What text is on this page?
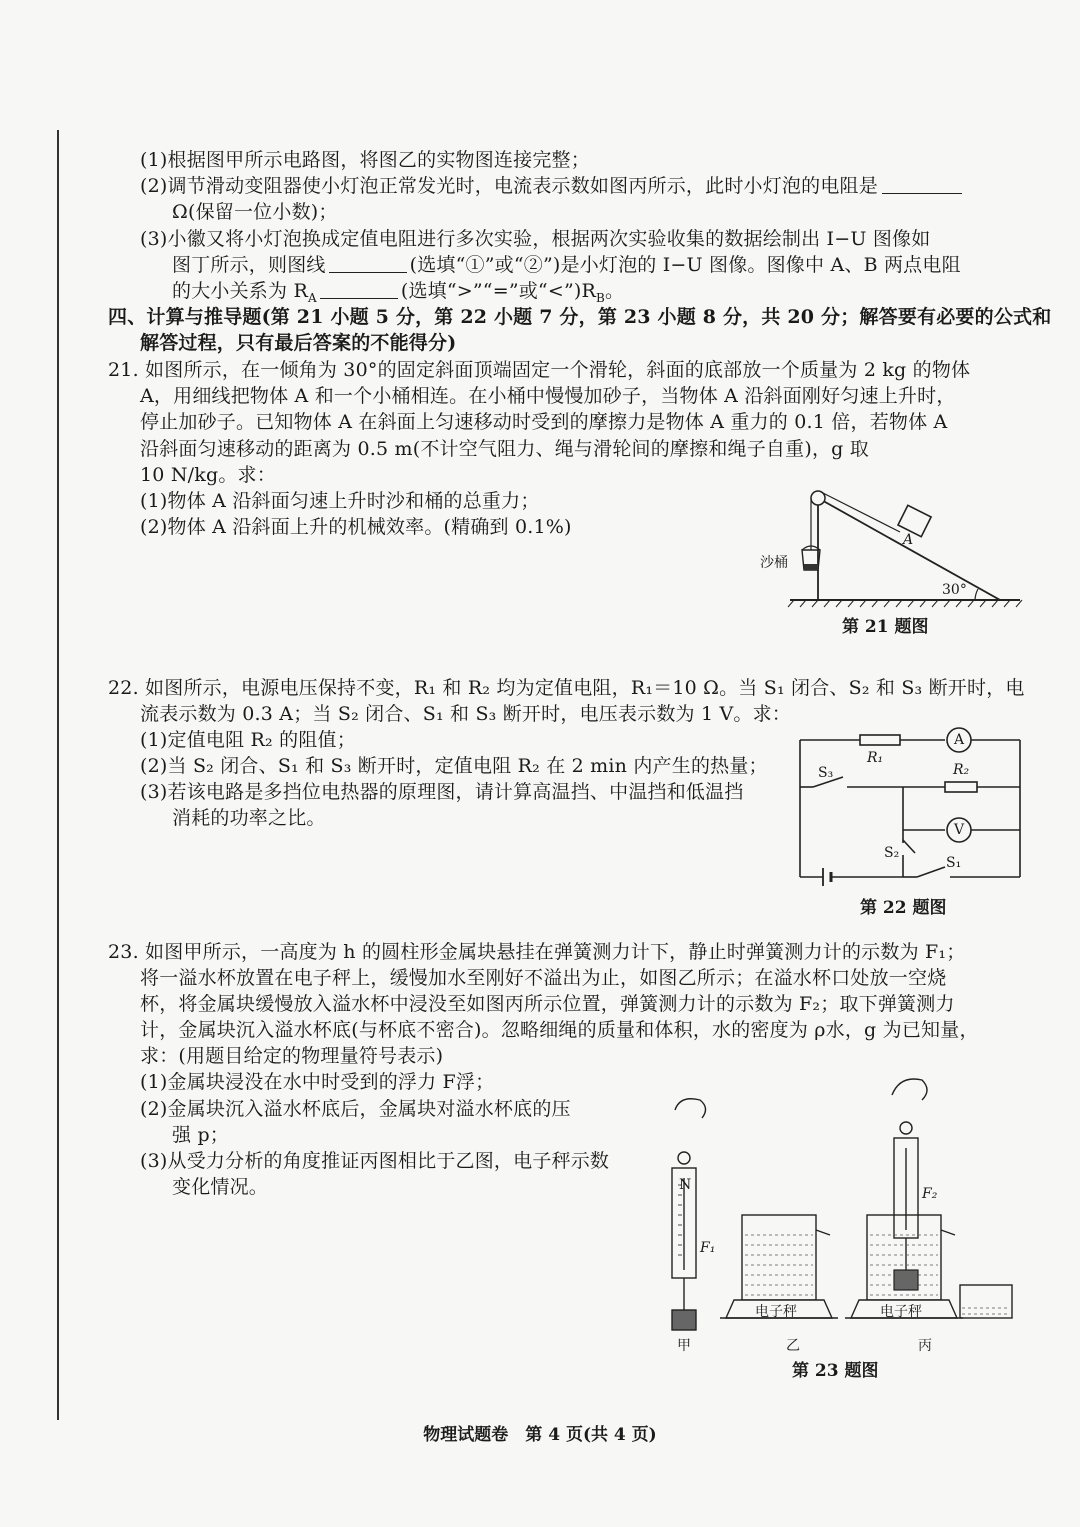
(1)根据图甲所示电路图，将图乙的实物图连接完整；
(2)调节滑动变阻器使小灯泡正常发光时，电流表示数如图丙所示，此时小灯泡的电阻是
Ω(保留一位小数)；
(3)小徽又将小灯泡换成定值电阻进行多次实验，根据两次实验收集的数据绘制出 I−U 图像如
图丁所示，则图线	(选填“①”或“②”)是小灯泡的 I−U 图像。图像中 A、B 两点电阻
的大小关系为 $R_A$	(选填“>”“=”或“$<”)R_B$。
四、计算与推导题(第 21 小题 5 分，第 22 小题 7 分，第 23 小题 8 分，共 20 分；解答要有必要的公式和
解答过程，只有最后答案的不能得分)
21. 如图所示，在一倾角为 30°的固定斜面顶端固定一个滑轮，斜面的底部放一个质量为 2 kg 的物体
A，用细线把物体 A 和一个小桶相连。在小桶中慢慢加砂子，当物体 A 沿斜面刚好匀速上升时，
停止加砂子。已知物体 A 在斜面上匀速移动时受到的摩擦力是物体 A 重力的 0.1 倍，若物体 A
沿斜面匀速移动的距离为 0.5 m(不计空气阻力、绳与滑轮间的摩擦和绳子自重)，g 取
10 N/kg。求：
(1)物体 A 沿斜面匀速上升时沙和桶的总重力；
(2)物体 A 沿斜面上升的机械效率。(精确到 0.1%)
沙桶
A
30°
第 21 题图
22. 如图所示，电源电压保持不变，R₁ 和 R₂ 均为定值电阻，R₁＝10 Ω。当 S₁ 闭合、S₂ 和 S₃ 断开时，电
流表示数为 0.3 A；当 S₂ 闭合、S₁ 和 S₃ 断开时，电压表示数为 1 V。求：
(1)定值电阻 R₂ 的阻值；
(2)当 S₂ 闭合、S₁ 和 S₃ 断开时，定值电阻 R₂ 在 2 min 内产生的热量；
(3)若该电路是多挡位电热器的原理图，请计算高温挡、中温挡和低温挡
消耗的功率之比。
R₁
R₂
A
V
S₃
S₂
S₁
第 22 题图
23. 如图甲所示，一高度为 h 的圆柱形金属块悬挂在弹簧测力计下，静止时弹簧测力计的示数为 F₁；
将一溢水杯放置在电子秤上，缓慢加水至刚好不溢出为止，如图乙所示；在溢水杯口处放一空烧
杯，将金属块缓慢放入溢水杯中浸没至如图丙所示位置，弹簧测力计的示数为 F₂；取下弹簧测力
计，金属块沉入溢水杯底(与杯底不密合)。忽略细绳的质量和体积，水的密度为 ρ水，g 为已知量，
求：(用题目给定的物理量符号表示)
(1)金属块浸没在水中时受到的浮力 F浮；
(2)金属块沉入溢水杯底后，金属块对溢水杯底的压
强 p；
(3)从受力分析的角度推证丙图相比于乙图，电子秤示数
变化情况。	N
F₁
F₂
电子秤	电子秤
甲	乙	丙
第 23 题图
物理试题卷　第 4 页(共 4 页)
